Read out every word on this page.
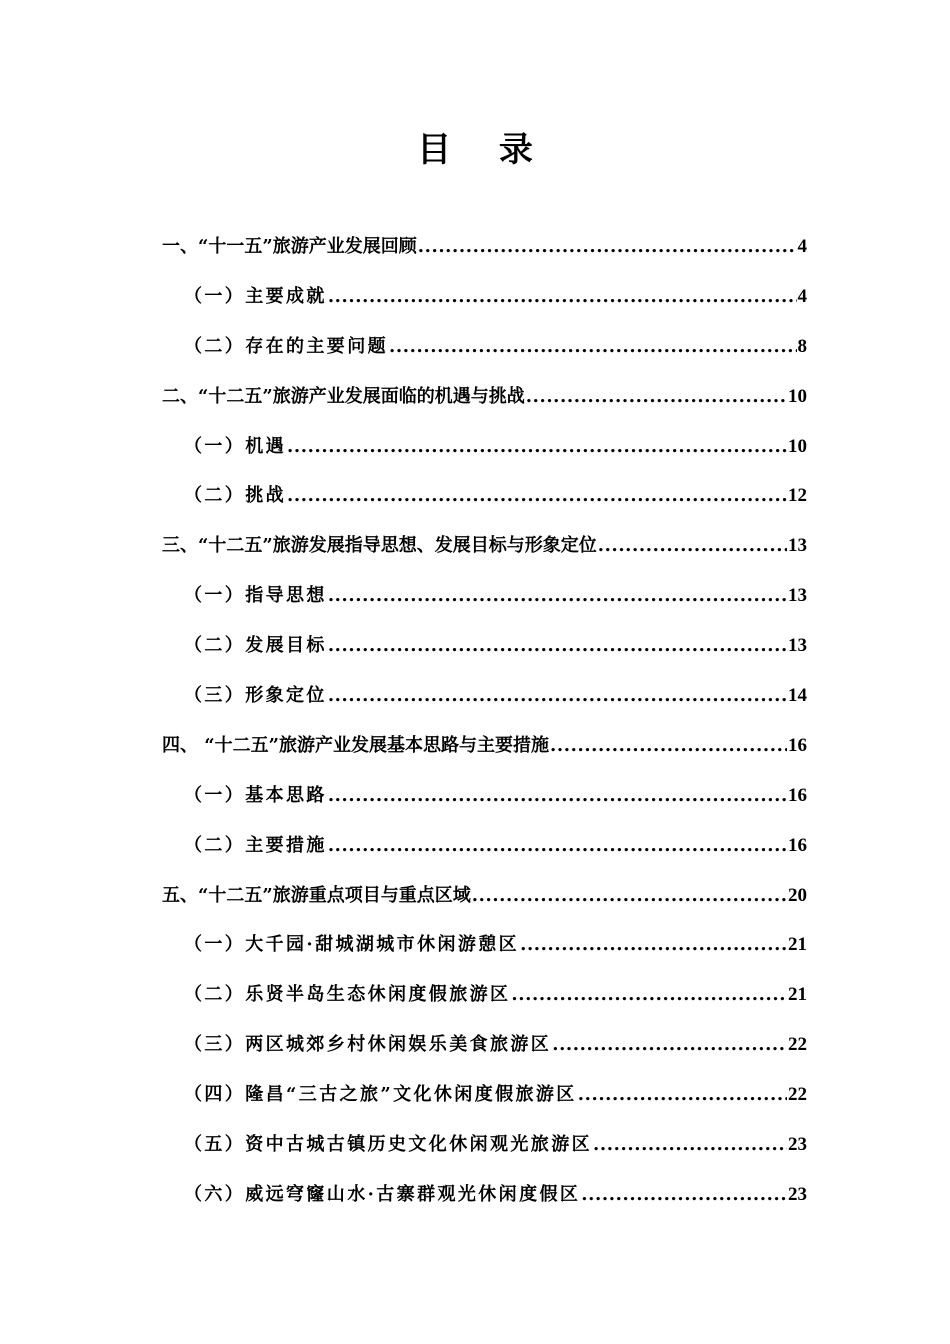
目 录
一、“十一五”旅游产业发展回顾 .....	4
（一）主要成就 .....	4
（二）存在的主要问题 .....	8
二、“十二五”旅游产业发展面临的机遇与挑战 .....	10
（一）机遇 .....	10
（二）挑战 .....	12
三、“十二五”旅游发展指导思想、发展目标与形象定位 .....	13
（一）指导思想 .....	13
（二）发展目标 .....	13
（三）形象定位 .....	14
四、 “十二五”旅游产业发展基本思路与主要措施 .....	16
（一）基本思路 .....	16
（二）主要措施 .....	16
五、“十二五”旅游重点项目与重点区域 .....	20
（一）大千园·甜城湖城市休闲游憩区 .....	21
（二）乐贤半岛生态休闲度假旅游区 .....	21
（三）两区城郊乡村休闲娱乐美食旅游区 .....	22
（四）隆昌“三古之旅”文化休闲度假旅游区 .....	22
（五）资中古城古镇历史文化休闲观光旅游区 .....	23
（六）威远穹窿山水·古寨群观光休闲度假区 .....	23
